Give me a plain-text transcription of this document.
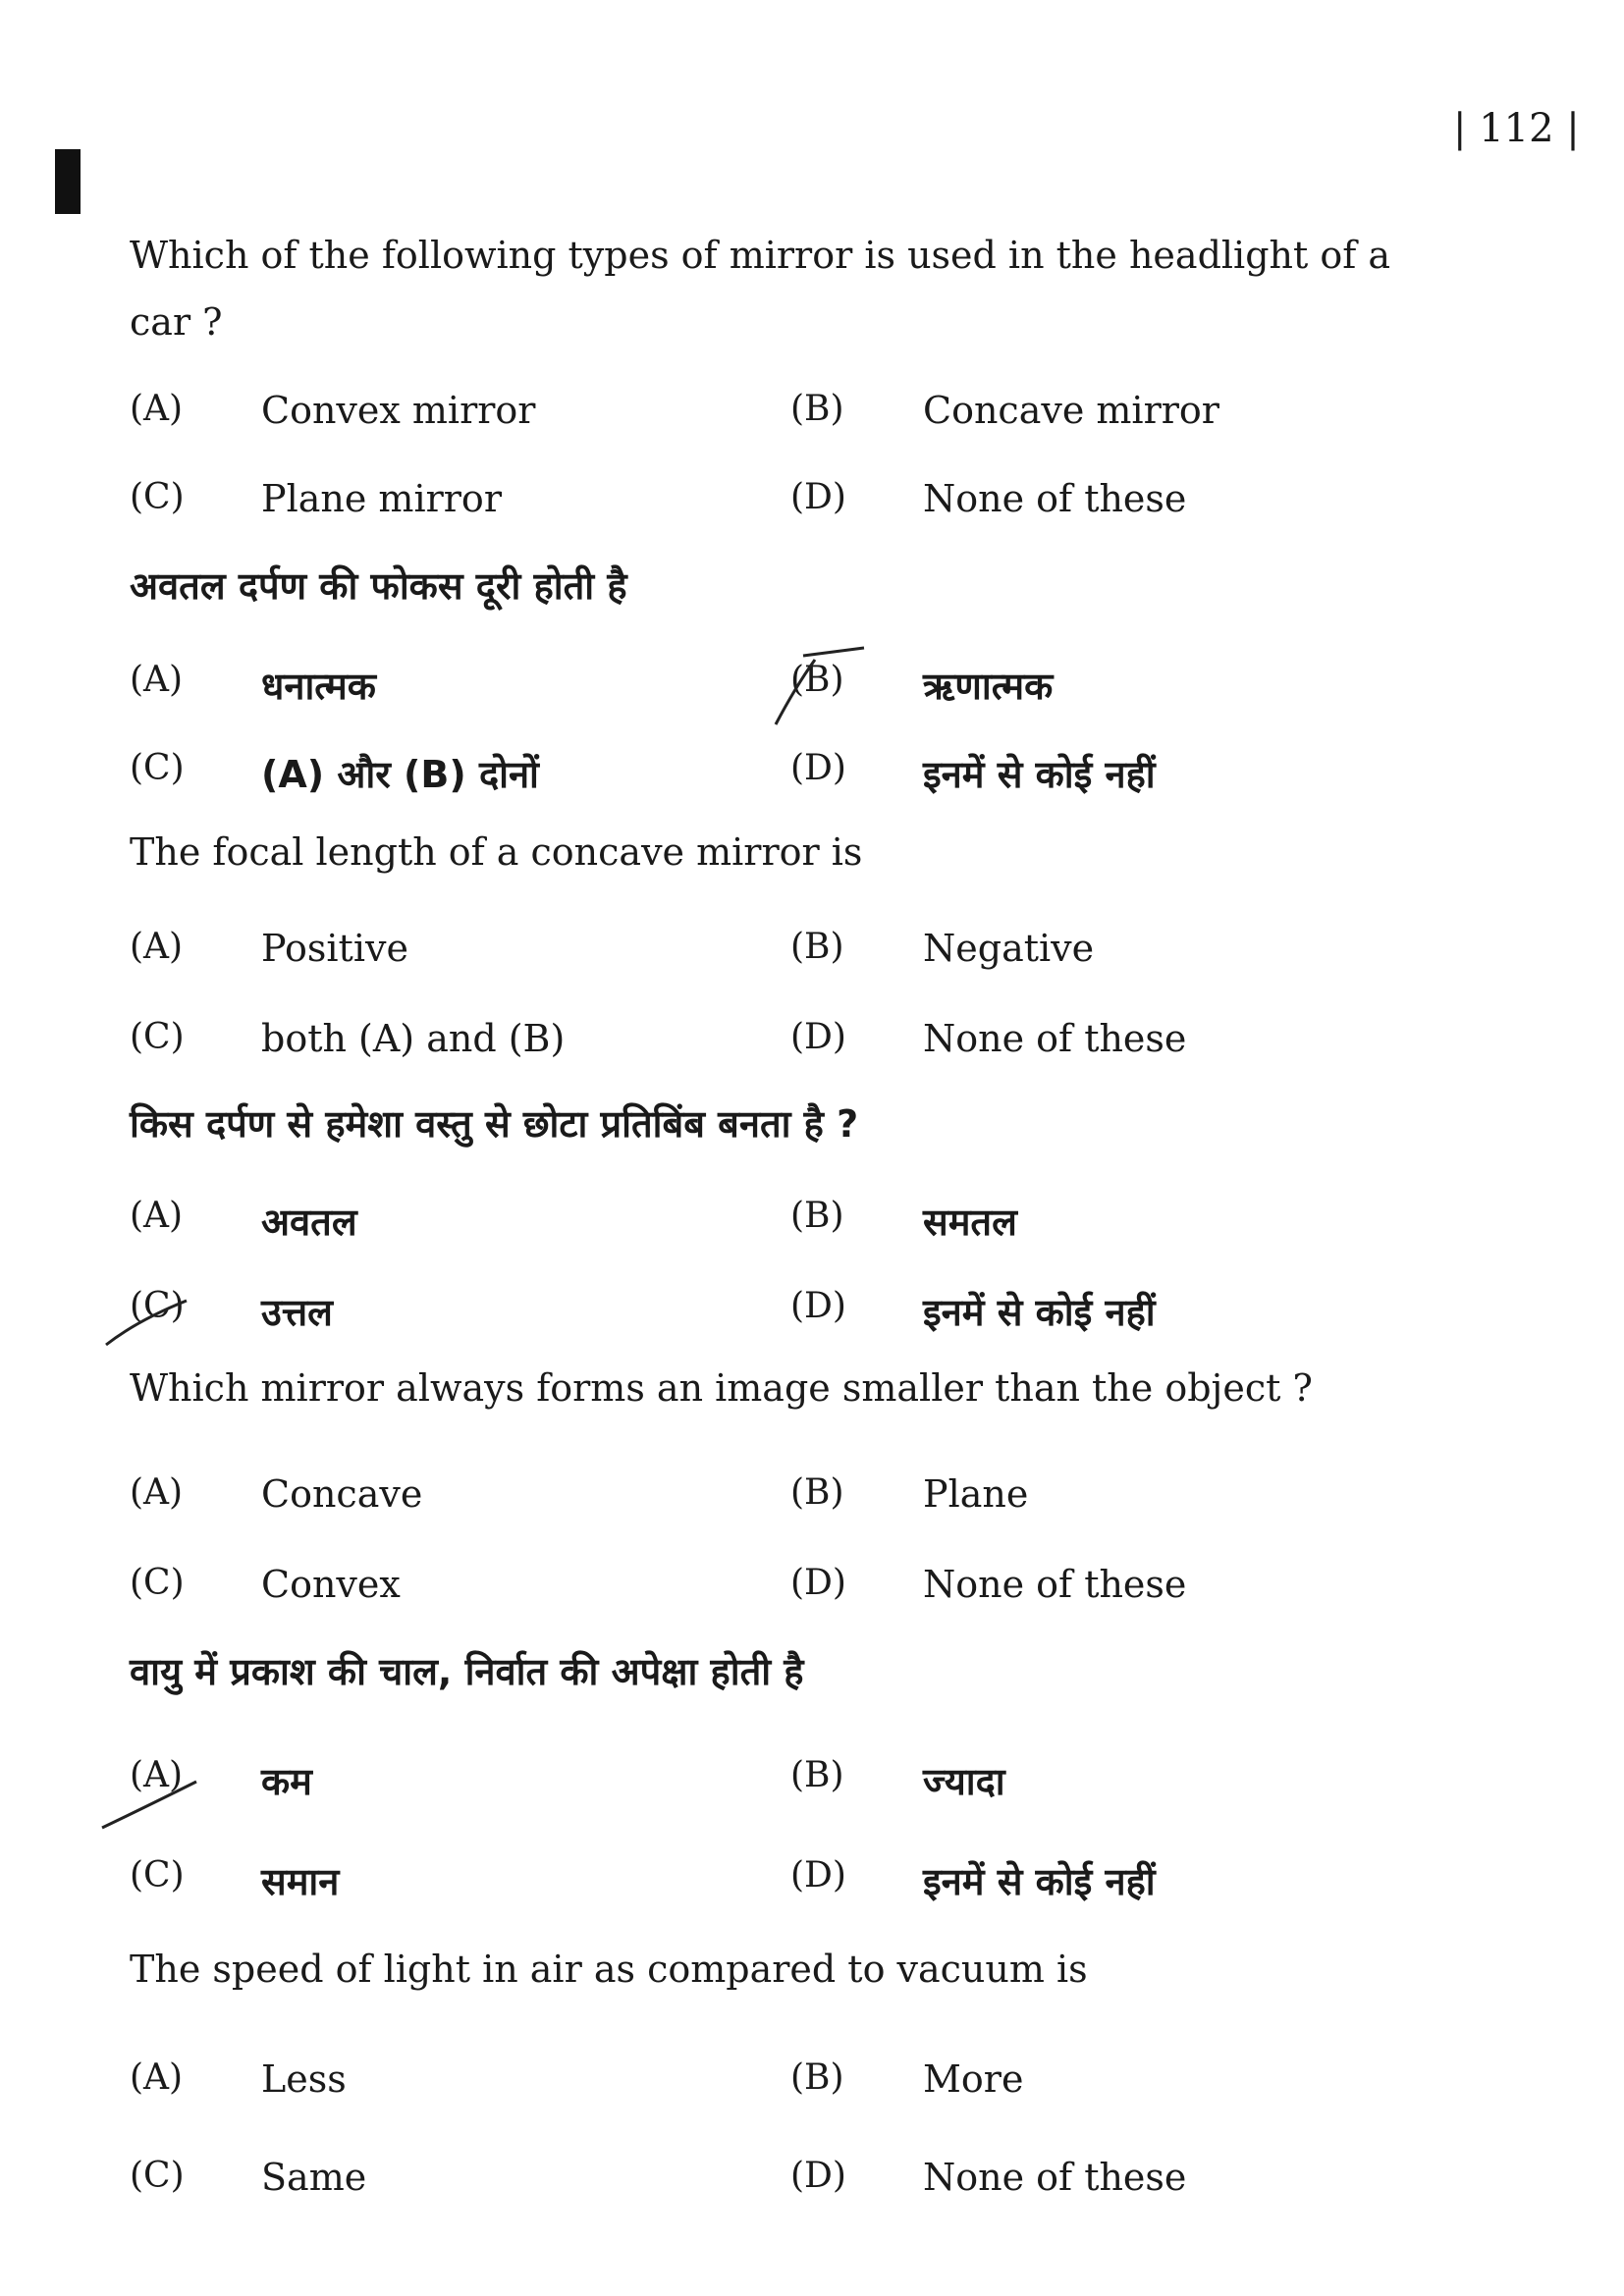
| 112 |
Which of the following types of mirror is used in the headlight of a
car ?
(A) Convex mirror	(B) Concave mirror
(C) Plane mirror	(D) None of these
अवतल दर्पण की फोकस दूरी होती है
(A) धनात्मक	(B) ऋणात्मक
(C) (A) और (B) दोनों	(D) इनमें से कोई नहीं
The focal length of a concave mirror is
(A) Positive	(B) Negative
(C) both (A) and (B)	(D) None of these
किस दर्पण से हमेशा वस्तु से छोटा प्रतिबिंब बनता है ?
(A) अवतल	(B) समतल
(C) उत्तल	(D) इनमें से कोई नहीं
Which mirror always forms an image smaller than the object ?
(A) Concave	(B) Plane
(C) Convex	(D) None of these
वायु में प्रकाश की चाल, निर्वात की अपेक्षा होती है
(A) कम	(B) ज्यादा
(C) समान	(D) इनमें से कोई नहीं
The speed of light in air as compared to vacuum is
(A) Less	(B) More
(C) Same	(D) None of these
